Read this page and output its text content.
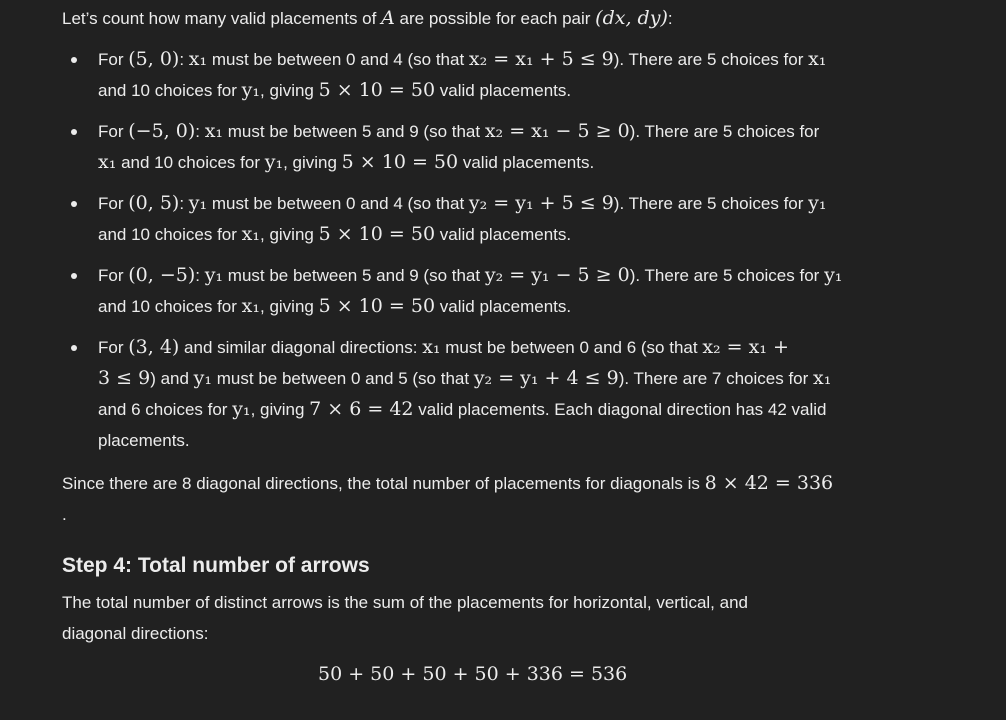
Let’s count how many valid placements of A are possible for each pair (dx, dy):

For (5, 0): x₁ must be between 0 and 4 (so that x₂ = x₁ + 5 ≤ 9). There are 5 choices for x₁
and 10 choices for y₁, giving 5 × 10 = 50 valid placements.
For (−5, 0): x₁ must be between 5 and 9 (so that x₂ = x₁ − 5 ≥ 0). There are 5 choices for
x₁ and 10 choices for y₁, giving 5 × 10 = 50 valid placements.
For (0, 5): y₁ must be between 0 and 4 (so that y₂ = y₁ + 5 ≤ 9). There are 5 choices for y₁
and 10 choices for x₁, giving 5 × 10 = 50 valid placements.
For (0, −5): y₁ must be between 5 and 9 (so that y₂ = y₁ − 5 ≥ 0). There are 5 choices for y₁
and 10 choices for x₁, giving 5 × 10 = 50 valid placements.
For (3, 4) and similar diagonal directions: x₁ must be between 0 and 6 (so that x₂ = x₁ +
3 ≤ 9) and y₁ must be between 0 and 5 (so that y₂ = y₁ + 4 ≤ 9). There are 7 choices for x₁
and 6 choices for y₁, giving 7 × 6 = 42 valid placements. Each diagonal direction has 42 valid
placements.

Since there are 8 diagonal directions, the total number of placements for diagonals is 8 × 42 = 336

.

Step 4: Total number of arrows

The total number of distinct arrows is the sum of the placements for horizontal, vertical, and
diagonal directions:

50 + 50 + 50 + 50 + 336 = 536
